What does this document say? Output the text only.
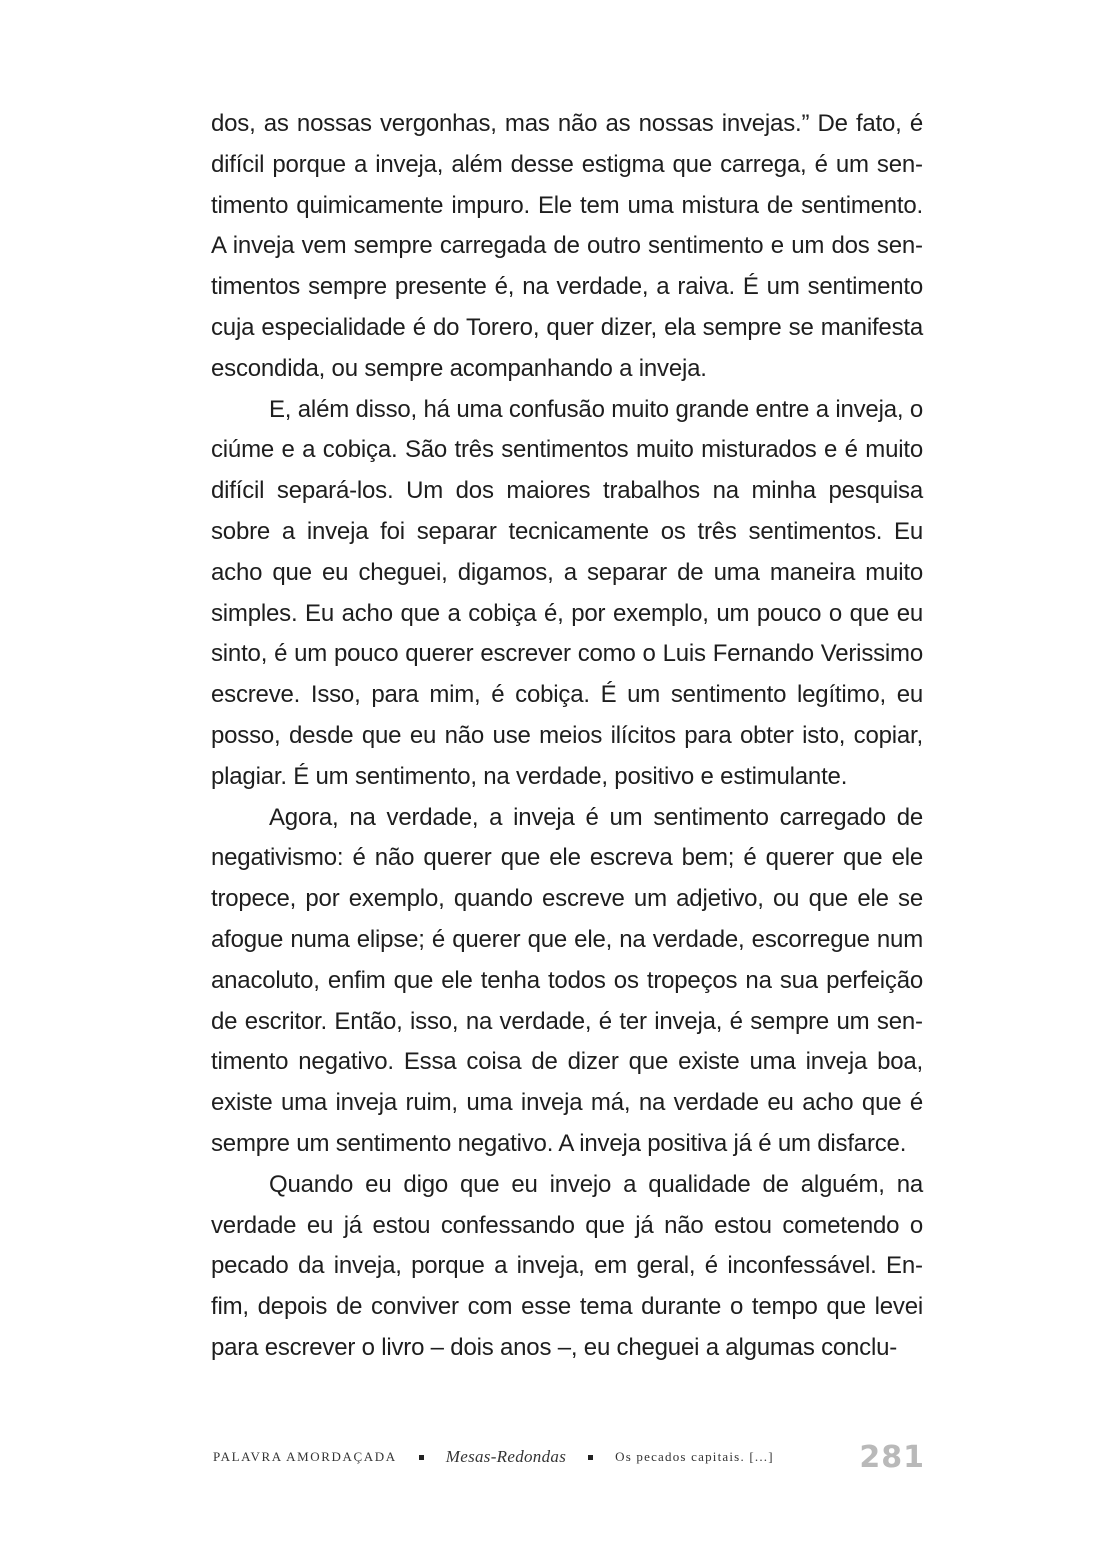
dos, as nossas vergonhas, mas não as nossas invejas.” De fato, é difícil porque a inveja, além desse estigma que carrega, é um sentimento quimicamente impuro. Ele tem uma mistura de sentimento. A inveja vem sempre carregada de outro sentimento e um dos sentimentos sempre presente é, na verdade, a raiva. É um sentimento cuja especialidade é do Torero, quer dizer, ela sempre se manifesta escondida, ou sempre acompanhando a inveja.

E, além disso, há uma confusão muito grande entre a inveja, o ciúme e a cobiça. São três sentimentos muito misturados e é muito difícil separá-los. Um dos maiores trabalhos na minha pesquisa sobre a inveja foi separar tecnicamente os três sentimentos. Eu acho que eu cheguei, digamos, a separar de uma maneira muito simples. Eu acho que a cobiça é, por exemplo, um pouco o que eu sinto, é um pouco querer escrever como o Luis Fernando Verissimo escreve. Isso, para mim, é cobiça. É um sentimento legítimo, eu posso, desde que eu não use meios ilícitos para obter isto, copiar, plagiar. É um sentimento, na verdade, positivo e estimulante.

Agora, na verdade, a inveja é um sentimento carregado de negativismo: é não querer que ele escreva bem; é querer que ele tropece, por exemplo, quando escreve um adjetivo, ou que ele se afogue numa elipse; é querer que ele, na verdade, escorregue num anacoluto, enfim que ele tenha todos os tropeços na sua perfeição de escritor. Então, isso, na verdade, é ter inveja, é sempre um sentimento negativo. Essa coisa de dizer que existe uma inveja boa, existe uma inveja ruim, uma inveja má, na verdade eu acho que é sempre um sentimento negativo. A inveja positiva já é um disfarce.

Quando eu digo que eu invejo a qualidade de alguém, na verdade eu já estou confessando que já não estou cometendo o pecado da inveja, porque a inveja, em geral, é inconfessável. Enfim, depois de conviver com esse tema durante o tempo que levei para escrever o livro – dois anos –, eu cheguei a algumas conclu-

PALAVRA AMORDAÇADA	Mesas-Redondas	Os pecados capitais. [...]	281
